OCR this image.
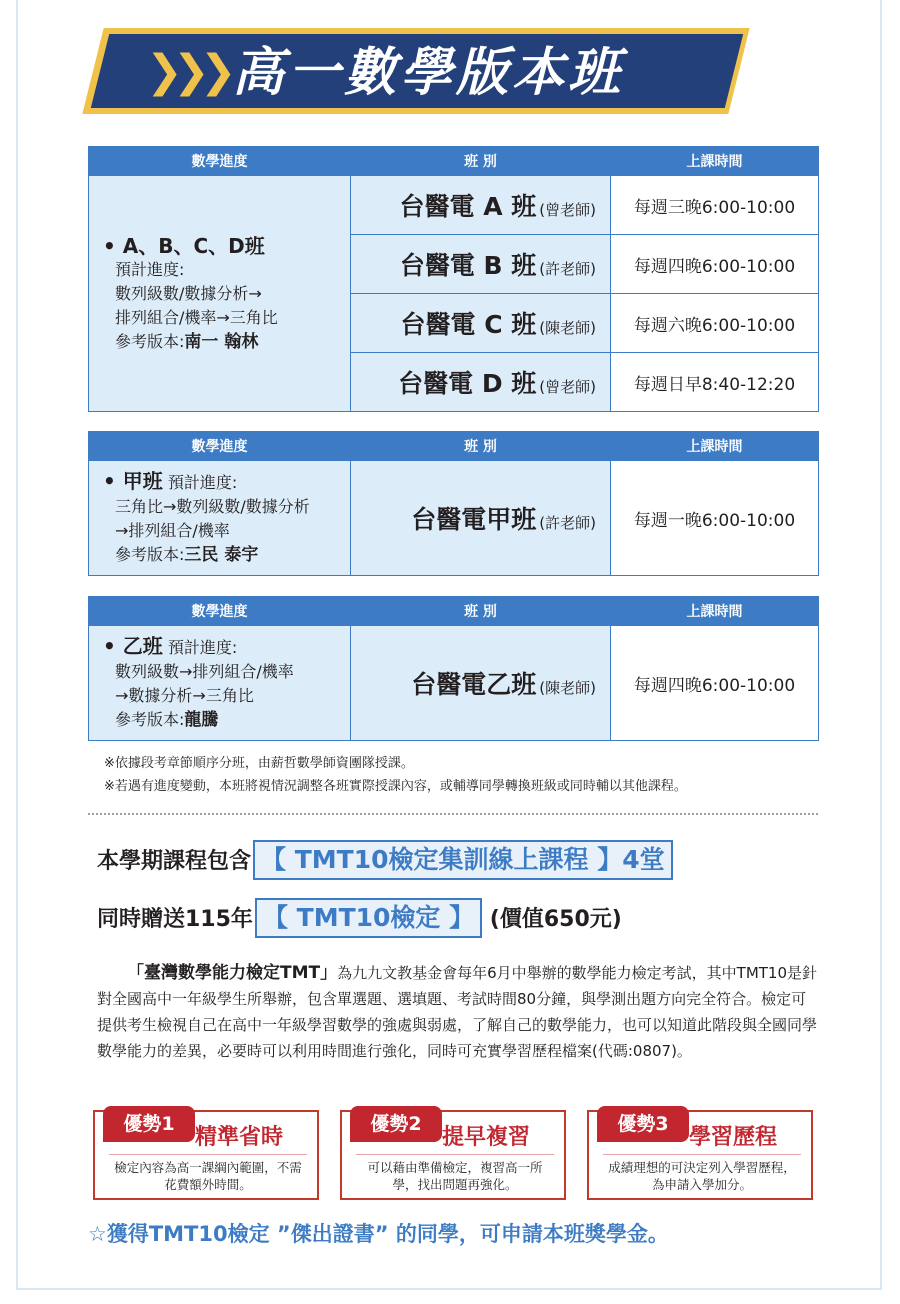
❯❯❯ 高一數學版本班
數學進度	班 別	上課時間

• A、B、C、D班
預計進度:
數列級數/數據分析→
排列組合/機率→三角比
參考版本:南一 翰林	台醫電 A 班 (曾老師)	每週三晚6:00-10:00
	台醫電 B 班 (許老師)	每週四晚6:00-10:00
	台醫電 C 班 (陳老師)	每週六晚6:00-10:00
	台醫電 D 班 (曾老師)	每週日早8:40-12:20
數學進度	班 別	上課時間

• 甲班 預計進度:
三角比→數列級數/數據分析
→排列組合/機率
參考版本:三民 泰宇	台醫電甲班 (許老師)	每週一晚6:00-10:00
數學進度	班 別	上課時間

• 乙班 預計進度:
數列級數→排列組合/機率
→數據分析→三角比
參考版本:龍騰	台醫電乙班 (陳老師)	每週四晚6:00-10:00
※依據段考章節順序分班，由薪哲數學師資團隊授課。
※若遇有進度變動，本班將視情況調整各班實際授課內容，或輔導同學轉換班級或同時輔以其他課程。
本學期課程包含 【 TMT10檢定集訓線上課程 】4堂
同時贈送115年 【 TMT10檢定 】 (價值650元)
「臺灣數學能力檢定TMT」為九九文教基金會每年6月中舉辦的數學能力檢定考試，其中TMT10是針對全國高中一年級學生所舉辦，包含單選題、選填題、考試時間80分鐘，與學測出題方向完全符合。檢定可提供考生檢視自己在高中一年級學習數學的強處與弱處，了解自己的數學能力，也可以知道此階段與全國同學數學能力的差異，必要時可以利用時間進行強化，同時可充實學習歷程檔案(代碼:0807)。
優勢1
精準省時
檢定內容為高一課綱內範圍，不需花費額外時間。
優勢2
提早複習
可以藉由準備檢定，複習高一所學，找出問題再強化。
優勢3
學習歷程
成績理想的可決定列入學習歷程，為申請入學加分。
☆獲得TMT10檢定 ”傑出證書” 的同學，可申請本班獎學金。
